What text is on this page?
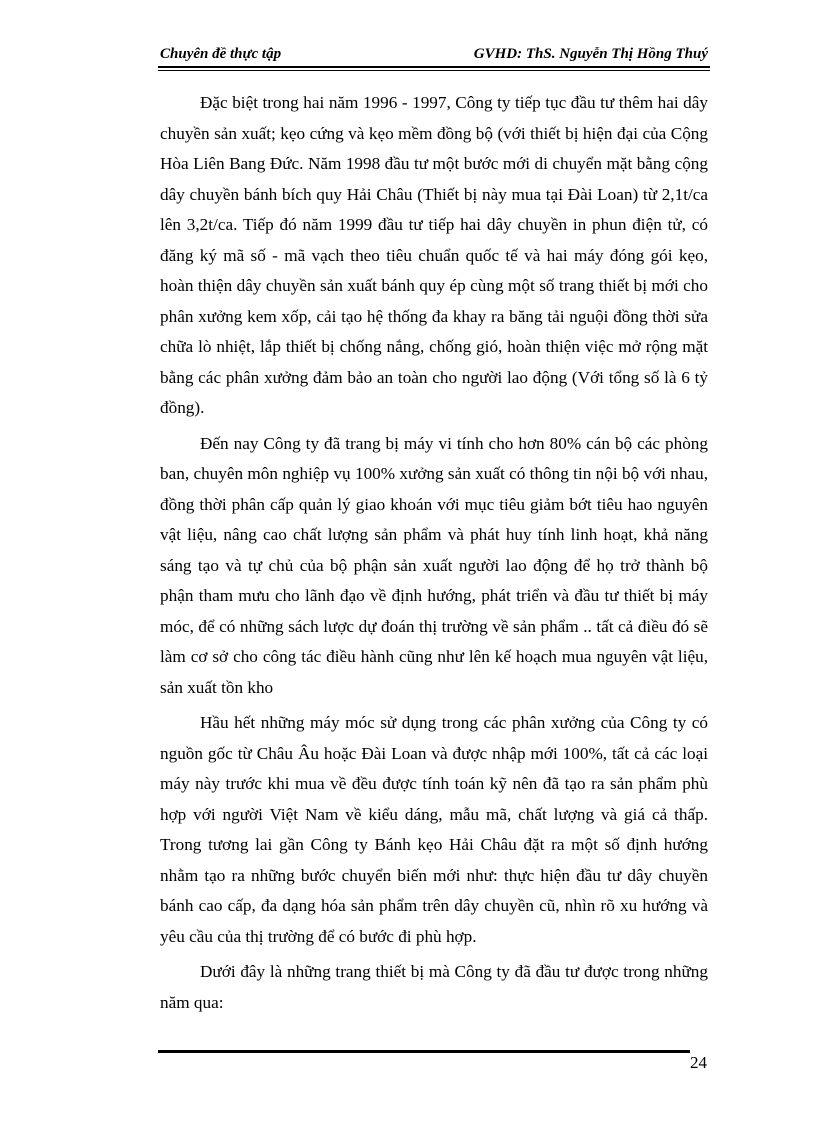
Chuyên đề thực tập	GVHD: ThS. Nguyễn Thị Hồng Thuý

Đặc biệt trong hai năm 1996 - 1997, Công ty tiếp tục đầu tư thêm hai dây chuyền sản xuất; kẹo cứng và kẹo mềm đồng bộ (với thiết bị hiện đại của Cộng Hòa Liên Bang Đức. Năm 1998 đầu tư một bước mới di chuyển mặt bằng cộng dây chuyền bánh bích quy Hải Châu (Thiết bị này mua tại Đài Loan) từ 2,1t/ca lên 3,2t/ca. Tiếp đó năm 1999 đầu tư tiếp hai dây chuyền in phun điện tử, có đăng ký mã số - mã vạch theo tiêu chuẩn quốc tế và hai máy đóng gói kẹo, hoàn thiện dây chuyền sản xuất bánh quy ép cùng một số trang thiết bị mới cho phân xưởng kem xốp, cải tạo hệ thống đa khay ra băng tải nguội đồng thời sửa chữa lò nhiệt, lắp thiết bị chống nắng, chống gió, hoàn thiện việc mở rộng mặt bằng các phân xưởng đảm bảo an toàn cho người lao động (Với tổng số là 6 tỷ đồng).

Đến nay Công ty đã trang bị máy vi tính cho hơn 80% cán bộ các phòng ban, chuyên môn nghiệp vụ 100% xưởng sản xuất có thông tin nội bộ với nhau, đồng thời phân cấp quản lý giao khoán với mục tiêu giảm bớt tiêu hao nguyên vật liệu, nâng cao chất lượng sản phẩm và phát huy tính linh hoạt, khả năng sáng tạo và tự chủ của bộ phận sản xuất người lao động để họ trở thành bộ phận tham mưu cho lãnh đạo về định hướng, phát triển và đầu tư thiết bị máy móc, để có những sách lược dự đoán thị trường về sản phẩm .. tất cả điều đó sẽ làm cơ sở cho công tác điều hành cũng như lên kế hoạch mua nguyên vật liệu, sản xuất tồn kho

Hầu hết những máy móc sử dụng trong các phân xưởng của Công ty có nguồn gốc từ Châu Âu hoặc Đài Loan và được nhập mới 100%, tất cả các loại máy này trước khi mua về đều được tính toán kỹ nên đã tạo ra sản phẩm phù hợp với người Việt Nam về kiểu dáng, mẫu mã, chất lượng và giá cả thấp. Trong tương lai gần Công ty Bánh kẹo Hải Châu đặt ra một số định hướng nhằm tạo ra những bước chuyển biến mới như: thực hiện đầu tư dây chuyền bánh cao cấp, đa dạng hóa sản phẩm trên dây chuyền cũ, nhìn rõ xu hướng và yêu cầu của thị trường để có bước đi phù hợp.

Dưới đây là những trang thiết bị mà Công ty đã đầu tư được trong những năm qua:

24
